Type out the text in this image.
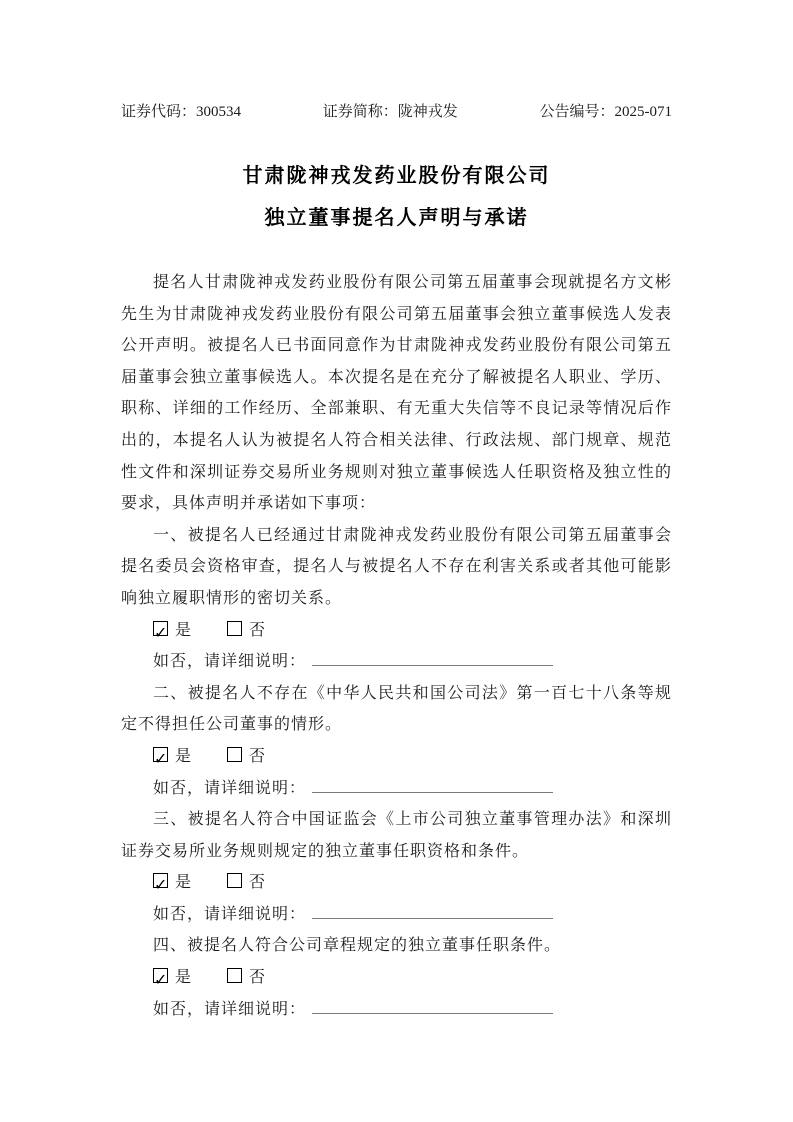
证券代码：300534	证券简称：陇神戎发	公告编号：2025-071
甘肃陇神戎发药业股份有限公司
独立董事提名人声明与承诺

提名人甘肃陇神戎发药业股份有限公司第五届董事会现就提名方文彬先生为甘肃陇神戎发药业股份有限公司第五届董事会独立董事候选人发表公开声明。被提名人已书面同意作为甘肃陇神戎发药业股份有限公司第五届董事会独立董事候选人。本次提名是在充分了解被提名人职业、学历、职称、详细的工作经历、全部兼职、有无重大失信等不良记录等情况后作出的，本提名人认为被提名人符合相关法律、行政法规、部门规章、规范性文件和深圳证券交易所业务规则对独立董事候选人任职资格及独立性的要求，具体声明并承诺如下事项：

一、被提名人已经通过甘肃陇神戎发药业股份有限公司第五届董事会提名委员会资格审查，提名人与被提名人不存在利害关系或者其他可能影响独立履职情形的密切关系。

✓是	否
如否，请详细说明：

二、被提名人不存在《中华人民共和国公司法》第一百七十八条等规定不得担任公司董事的情形。

✓是	否
如否，请详细说明：

三、被提名人符合中国证监会《上市公司独立董事管理办法》和深圳证券交易所业务规则规定的独立董事任职资格和条件。

✓是	否
如否，请详细说明：

四、被提名人符合公司章程规定的独立董事任职条件。

✓是	否
如否，请详细说明：
